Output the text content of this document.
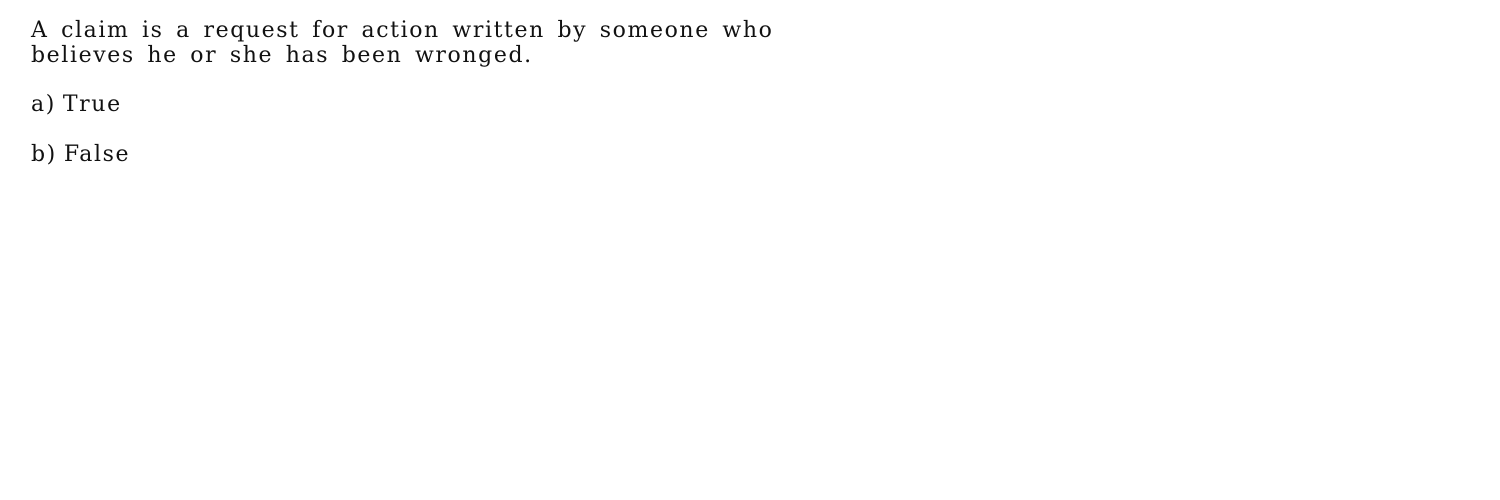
A claim is a request for action written by someone who
believes he or she has been wronged.

a) True
b) False
